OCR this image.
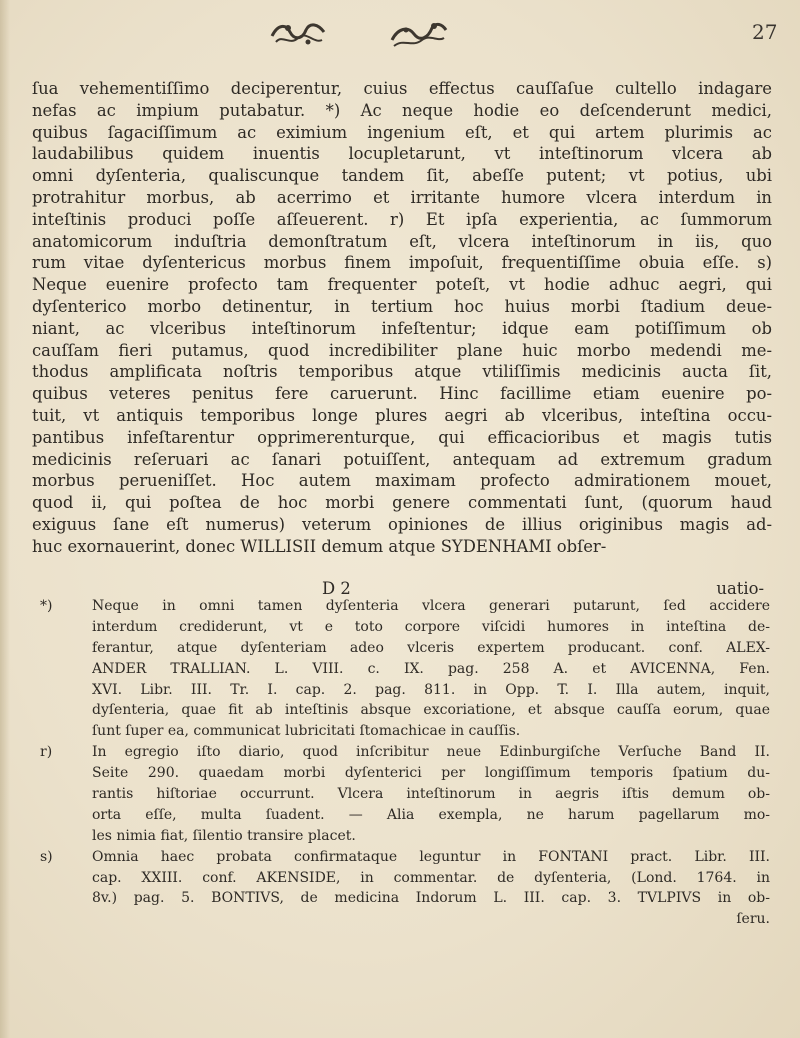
27
ſua vehementiſſimo deciperentur, cuius effectus cauſſaſue cultello indagare
nefas ac impium putabatur. *) Ac neque hodie eo deſcenderunt medici,
quibus ſagaciſſimum ac eximium ingenium eſt, et qui artem plurimis ac
laudabilibus quidem inuentis locupletarunt, vt inteſtinorum vlcera ab
omni dyſenteria, qualiscunque tandem ſit, abeſſe putent; vt potius, ubi
protrahitur morbus, ab acerrimo et irritante humore vlcera interdum in
inteſtinis produci poſſe aſſeuerent. r) Et ipſa experientia, ac ſummorum
anatomicorum induſtria demonſtratum eſt, vlcera inteſtinorum in iis, quo
rum vitae dyſentericus morbus finem impoſuit, frequentiſſime obuia eſſe. s)
Neque euenire profecto tam frequenter poteſt, vt hodie adhuc aegri, qui
dyſenterico morbo detinentur, in tertium hoc huius morbi ſtadium deue-
niant, ac vlceribus inteſtinorum infeſtentur; idque eam potiſſimum ob
cauſſam fieri putamus, quod incredibiliter plane huic morbo medendi me-
thodus amplificata noſtris temporibus atque vtiliſſimis medicinis aucta ſit,
quibus veteres penitus fere caruerunt. Hinc facillime etiam euenire po-
tuit, vt antiquis temporibus longe plures aegri ab vlceribus, inteſtina occu-
pantibus infeſtarentur opprimerenturque, qui efficacioribus et magis tutis
medicinis reſeruari ac ſanari potuiſſent, antequam ad extremum gradum
morbus perueniſſet. Hoc autem maximam profecto admirationem mouet,
quod ii, qui poſtea de hoc morbi genere commentati ſunt, (quorum haud
exiguus ſane eſt numerus) veterum opiniones de illius originibus magis ad-
huc exornauerint, donec WILLISII demum atque SYDENHAMI obſer-
D 2	uatio-
*)	Neque in omni tamen dyſenteria vlcera generari putarunt, ſed accidere
interdum crediderunt, vt e toto corpore viſcidi humores in inteſtina de-
ferantur, atque dyſenteriam adeo vlceris expertem producant. conf. ALEX-
ANDER TRALLIAN. L. VIII. c. IX. pag. 258 A. et AVICENNA, Fen.
XVI. Libr. III. Tr. I. cap. 2. pag. 811. in Opp. T. I. Illa autem, inquit,
dyſenteria, quae fit ab inteſtinis absque excoriatione, et absque cauſſa eorum, quae
ſunt ſuper ea, communicat lubricitati ſtomachicae in cauſſis.
r)	In egregio iſto diario, quod inſcribitur neue Edinburgiſche Verſuche Band II.
Seite 290. quaedam morbi dyſenterici per longiſſimum temporis ſpatium du-
rantis hiſtoriae occurrunt. Vlcera inteſtinorum in aegris iſtis demum ob-
orta eſſe, multa ſuadent. — Alia exempla, ne harum pagellarum mo-
les nimia fiat, ſilentio transire placet.
s)	Omnia haec probata confirmataque leguntur in FONTANI pract. Libr. III.
cap. XXIII. conf. AKENSIDE, in commentar. de dyſenteria, (Lond. 1764. in
8v.) pag. 5. BONTIVS, de medicina Indorum L. III. cap. 3. TVLPIVS in ob-
ſeru.
